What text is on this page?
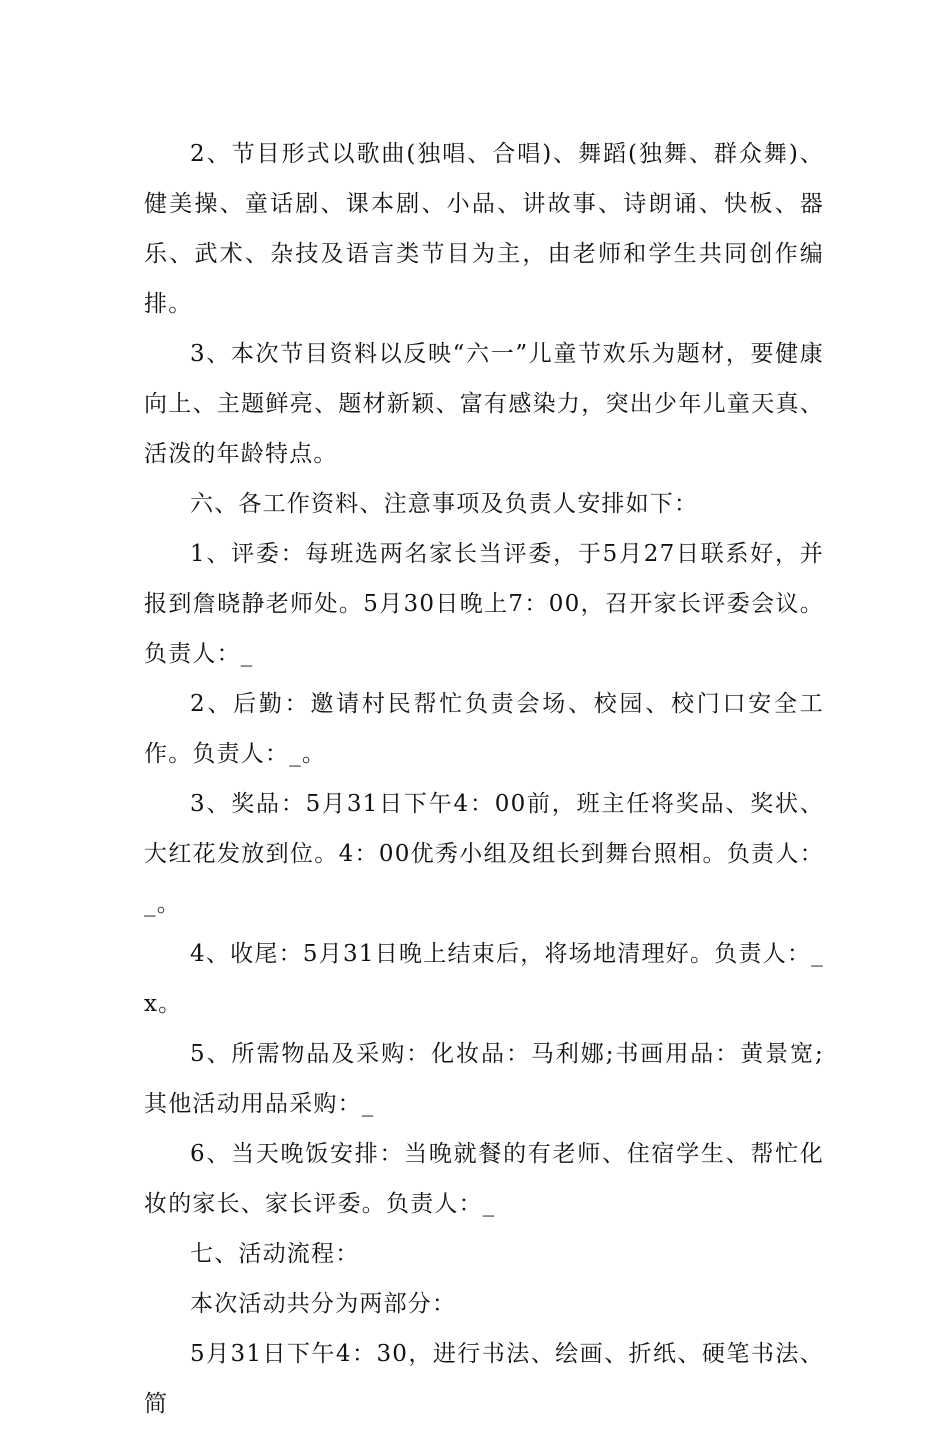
2、节目形式以歌曲(独唱、合唱)、舞蹈(独舞、群众舞)、健美操、童话剧、课本剧、小品、讲故事、诗朗诵、快板、器乐、武术、杂技及语言类节目为主，由老师和学生共同创作编排。

3、本次节目资料以反映“六一”儿童节欢乐为题材，要健康向上、主题鲜亮、题材新颖、富有感染力，突出少年儿童天真、活泼的年龄特点。

六、各工作资料、注意事项及负责人安排如下：

1、评委：每班选两名家长当评委，于5月27日联系好，并报到詹晓静老师处。5月30日晚上7：00，召开家长评委会议。负责人：_

2、后勤：邀请村民帮忙负责会场、校园、校门口安全工作。负责人：_。

3、奖品：5月31日下午4：00前，班主任将奖品、奖状、大红花发放到位。4：00优秀小组及组长到舞台照相。负责人：_。

4、收尾：5月31日晚上结束后，将场地清理好。负责人：_x。

5、所需物品及采购：化妆品：马利娜;书画用品：黄景宽;其他活动用品采购：_

6、当天晚饭安排：当晚就餐的有老师、住宿学生、帮忙化妆的家长、家长评委。负责人：_

七、活动流程：

本次活动共分为两部分：

5月31日下午4：30，进行书法、绘画、折纸、硬笔书法、简
